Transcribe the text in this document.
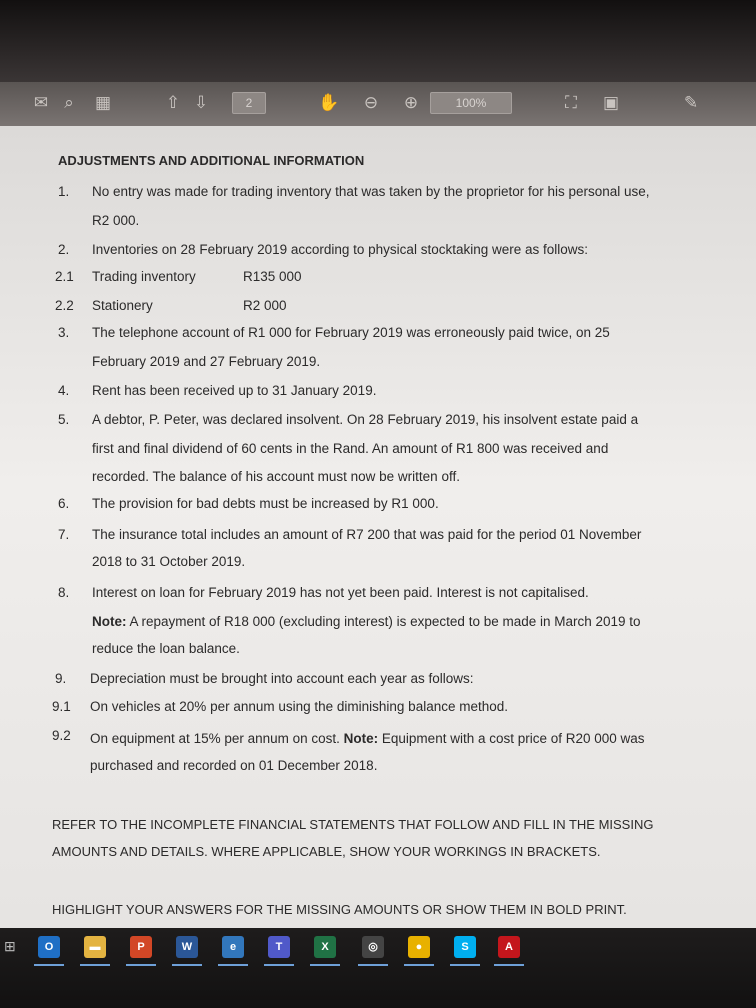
✉ ⌕	▦	⇧ ⇩	2	✋ ⊖ ⊕	100%	⛶ ▣	✎
ADJUSTMENTS AND ADDITIONAL INFORMATION
1. No entry was made for trading inventory that was taken by the proprietor for his personal use,
R2 000.
2. Inventories on 28 February 2019 according to physical stocktaking were as follows:
2.1 Trading inventory	R135 000
2.2 Stationery	R2 000
3. The telephone account of R1 000 for February 2019 was erroneously paid twice, on 25
February 2019 and 27 February 2019.
4. Rent has been received up to 31 January 2019.
5. A debtor, P. Peter, was declared insolvent. On 28 February 2019, his insolvent estate paid a
first and final dividend of 60 cents in the Rand. An amount of R1 800 was received and
recorded. The balance of his account must now be written off.
6. The provision for bad debts must be increased by R1 000.
7. The insurance total includes an amount of R7 200 that was paid for the period 01 November
2018 to 31 October 2019.
8. Interest on loan for February 2019 has not yet been paid. Interest is not capitalised.
Note: A repayment of R18 000 (excluding interest) is expected to be made in March 2019 to
reduce the loan balance.
9. Depreciation must be brought into account each year as follows:
9.1 On vehicles at 20% per annum using the diminishing balance method.
9.2 On equipment at 15% per annum on cost. Note: Equipment with a cost price of R20 000 was
purchased and recorded on 01 December 2018.
REFER TO THE INCOMPLETE FINANCIAL STATEMENTS THAT FOLLOW AND FILL IN THE MISSING
AMOUNTS AND DETAILS. WHERE APPLICABLE, SHOW YOUR WORKINGS IN BRACKETS.
HIGHLIGHT YOUR ANSWERS FOR THE MISSING AMOUNTS OR SHOW THEM IN BOLD PRINT.
⊞	O	▬	P	W	e	T	X	◎	●	S	A
